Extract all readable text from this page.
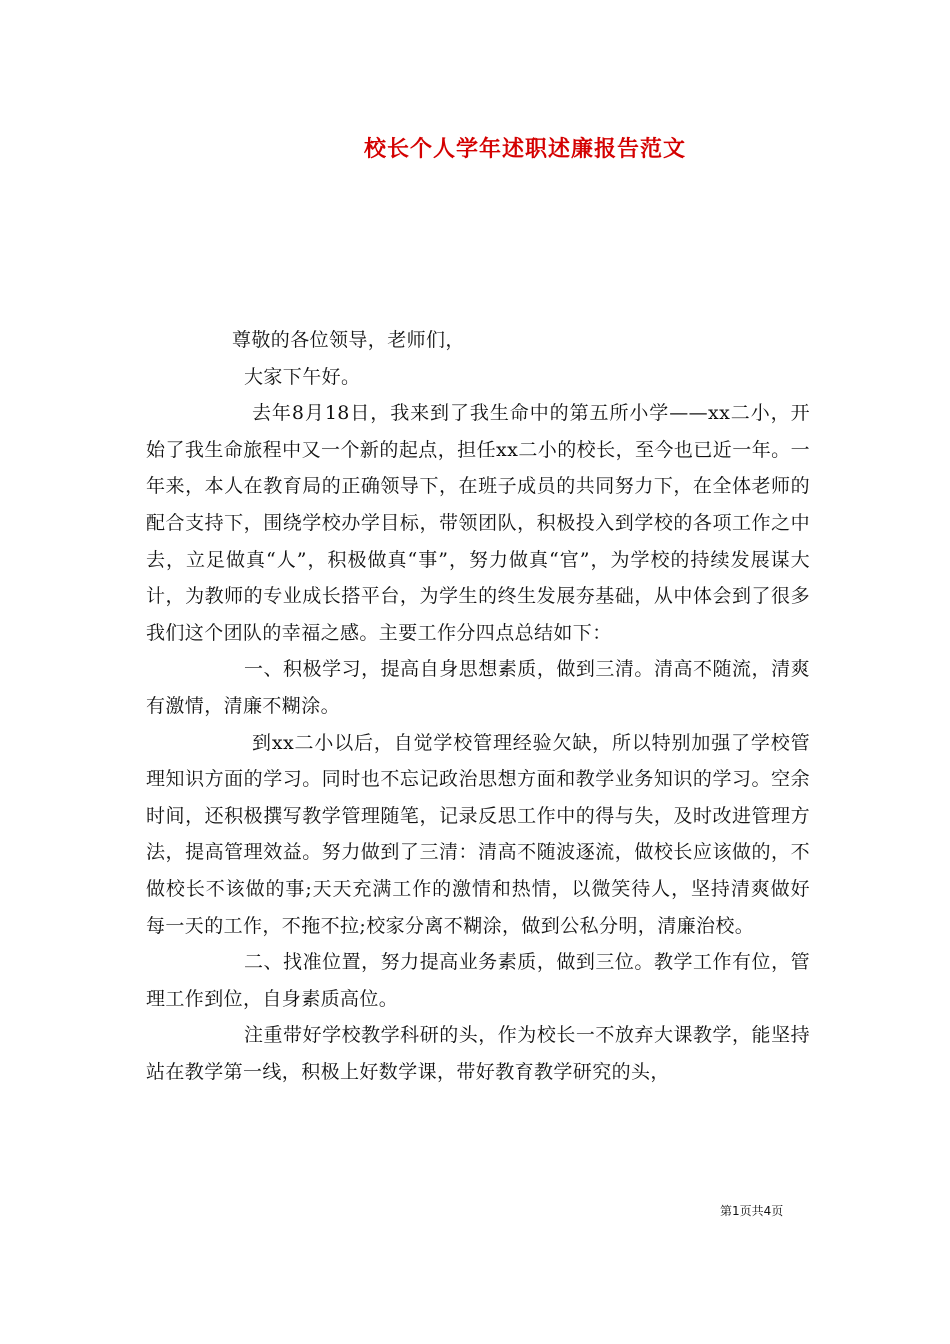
校长个人学年述职述廉报告范文

尊敬的各位领导，老师们，

大家下午好。

去年8月18日，我来到了我生命中的第五所小学——xx二小，开始了我生命旅程中又一个新的起点，担任xx二小的校长，至今也已近一年。一年来，本人在教育局的正确领导下，在班子成员的共同努力下，在全体老师的配合支持下，围绕学校办学目标，带领团队，积极投入到学校的各项工作之中去，立足做真“人”，积极做真“事”，努力做真“官”，为学校的持续发展谋大计，为教师的专业成长搭平台，为学生的终生发展夯基础，从中体会到了很多我们这个团队的幸福之感。主要工作分四点总结如下：

一、积极学习，提高自身思想素质，做到三清。清高不随流，清爽有激情，清廉不糊涂。

到xx二小以后，自觉学校管理经验欠缺，所以特别加强了学校管理知识方面的学习。同时也不忘记政治思想方面和教学业务知识的学习。空余时间，还积极撰写教学管理随笔，记录反思工作中的得与失，及时改进管理方法，提高管理效益。努力做到了三清：清高不随波逐流，做校长应该做的，不做校长不该做的事;天天充满工作的激情和热情，以微笑待人，坚持清爽做好每一天的工作，不拖不拉;校家分离不糊涂，做到公私分明，清廉治校。

二、找准位置，努力提高业务素质，做到三位。教学工作有位，管理工作到位，自身素质高位。

注重带好学校教学科研的头，作为校长一不放弃大课教学，能坚持站在教学第一线，积极上好数学课，带好教育教学研究的头，

第1页共4页
